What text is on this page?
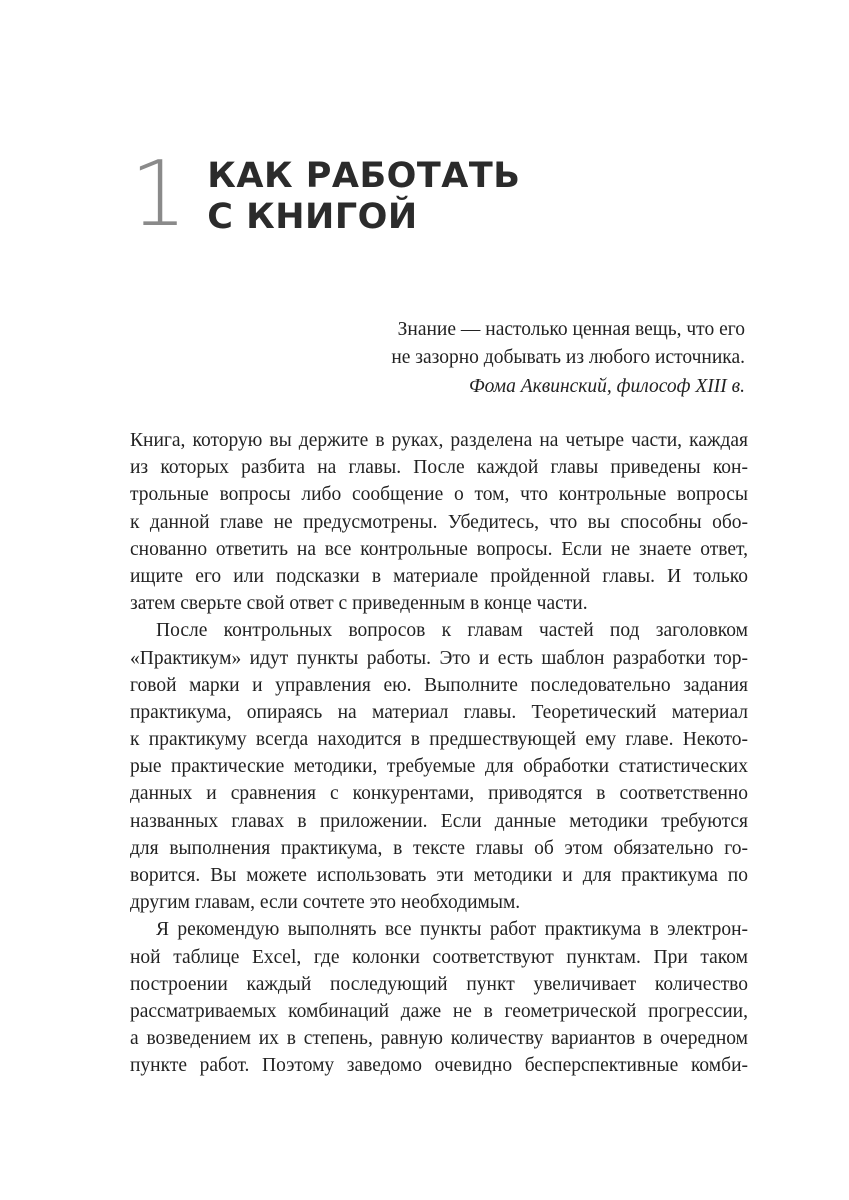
1 КАК РАБОТАТЬ
С КНИГОЙ
Знание — настолько ценная вещь, что его
не зазорно добывать из любого источника.
Фома Аквинский, философ XIII в.
Книга, которую вы держите в руках, разделена на четыре части, каждая
из которых разбита на главы. После каждой главы приведены кон-
трольные вопросы либо сообщение о том, что контрольные вопросы
к данной главе не предусмотрены. Убедитесь, что вы способны обо-
снованно ответить на все контрольные вопросы. Если не знаете ответ,
ищите его или подсказки в материале пройденной главы. И только
затем сверьте свой ответ с приведенным в конце части.
После контрольных вопросов к главам частей под заголовком
«Практикум» идут пункты работы. Это и есть шаблон разработки тор-
говой марки и управления ею. Выполните последовательно задания
практикума, опираясь на материал главы. Теоретический материал
к практикуму всегда находится в предшествующей ему главе. Некото-
рые практические методики, требуемые для обработки статистических
данных и сравнения с конкурентами, приводятся в соответственно
названных главах в приложении. Если данные методики требуются
для выполнения практикума, в тексте главы об этом обязательно го-
ворится. Вы можете использовать эти методики и для практикума по
другим главам, если сочтете это необходимым.
Я рекомендую выполнять все пункты работ практикума в электрон-
ной таблице Excel, где колонки соответствуют пунктам. При таком
построении каждый последующий пункт увеличивает количество
рассматриваемых комбинаций даже не в геометрической прогрессии,
а возведением их в степень, равную количеству вариантов в очередном
пункте работ. Поэтому заведомо очевидно бесперспективные комби-
